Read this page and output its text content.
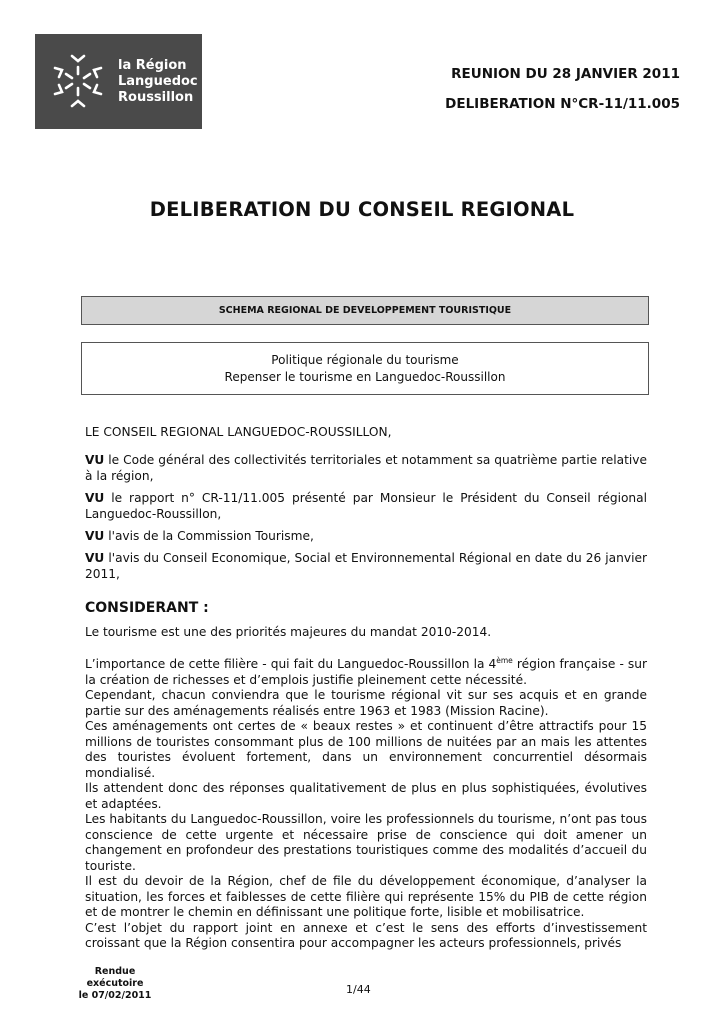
la Région
Languedoc
Roussillon
REUNION DU 28 JANVIER 2011
DELIBERATION N°CR-11/11.005
DELIBERATION DU CONSEIL REGIONAL
SCHEMA REGIONAL DE DEVELOPPEMENT TOURISTIQUE
Politique régionale du tourisme
Repenser le tourisme en Languedoc-Roussillon
LE CONSEIL REGIONAL LANGUEDOC-ROUSSILLON,

VU le Code général des collectivités territoriales et notamment sa quatrième partie relative à la région,

VU le rapport n° CR-11/11.005 présenté par Monsieur le Président du Conseil régional Languedoc-Roussillon,

VU l'avis de la Commission Tourisme,

VU l'avis du Conseil Economique, Social et Environnemental Régional en date du 26 janvier 2011,

CONSIDERANT :
Le tourisme est une des priorités majeures du mandat 2010-2014.

L’importance de cette filière - qui fait du Languedoc-Roussillon la 4ème région française - sur la création de richesses et d’emplois justifie pleinement cette nécessité.

Cependant, chacun conviendra que le tourisme régional vit sur ses acquis et en grande partie sur des aménagements réalisés entre 1963 et 1983 (Mission Racine).

Ces aménagements ont certes de « beaux restes » et continuent d’être attractifs pour 15 millions de touristes consommant plus de 100 millions de nuitées par an mais les attentes des touristes évoluent fortement, dans un environnement concurrentiel désormais mondialisé.

Ils attendent donc des réponses qualitativement de plus en plus sophistiquées, évolutives et adaptées.

Les habitants du Languedoc-Roussillon, voire les professionnels du tourisme, n’ont pas tous conscience de cette urgente et nécessaire prise de conscience qui doit amener un changement en profondeur des prestations touristiques comme des modalités d’accueil du touriste.

Il est du devoir de la Région, chef de file du développement économique, d’analyser la situation, les forces et faiblesses de cette filière qui représente 15% du PIB de cette région et de montrer le chemin en définissant une politique forte, lisible et mobilisatrice.

C’est l’objet du rapport joint en annexe et c’est le sens des efforts d’investissement croissant que la Région consentira pour accompagner les acteurs professionnels, privés

Rendue exécutoire
le 07/02/2011	1/44
